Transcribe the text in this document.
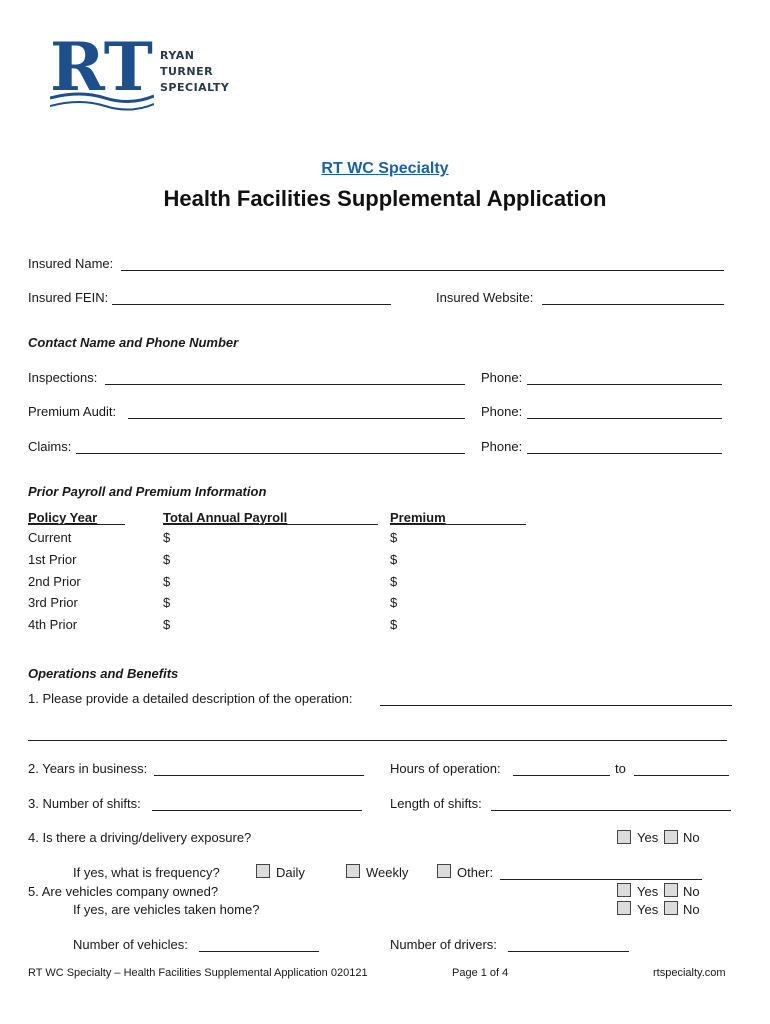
RT RYAN
TURNER
SPECIALTY
RT WC Specialty
Health Facilities Supplemental Application
Insured Name:
Insured FEIN:	Insured Website:
Contact Name and Phone Number
Inspections:	Phone:
Premium Audit:	Phone:
Claims:	Phone:
Prior Payroll and Premium Information
Policy Year	Total Annual Payroll	Premium
Current	$	$
1st Prior	$	$
2nd Prior	$	$
3rd Prior	$	$
4th Prior	$	$
Operations and Benefits
1. Please provide a detailed description of the operation:
2. Years in business:	Hours of operation:	to
3. Number of shifts:	Length of shifts:
4. Is there a driving/delivery exposure?	Yes No
If yes, what is frequency?	Daily	Weekly	Other:
5. Are vehicles company owned?	Yes No
If yes, are vehicles taken home?	Yes No
Number of vehicles:	Number of drivers:
RT WC Specialty – Health Facilities Supplemental Application 020121	Page 1 of 4	rtspecialty.com
